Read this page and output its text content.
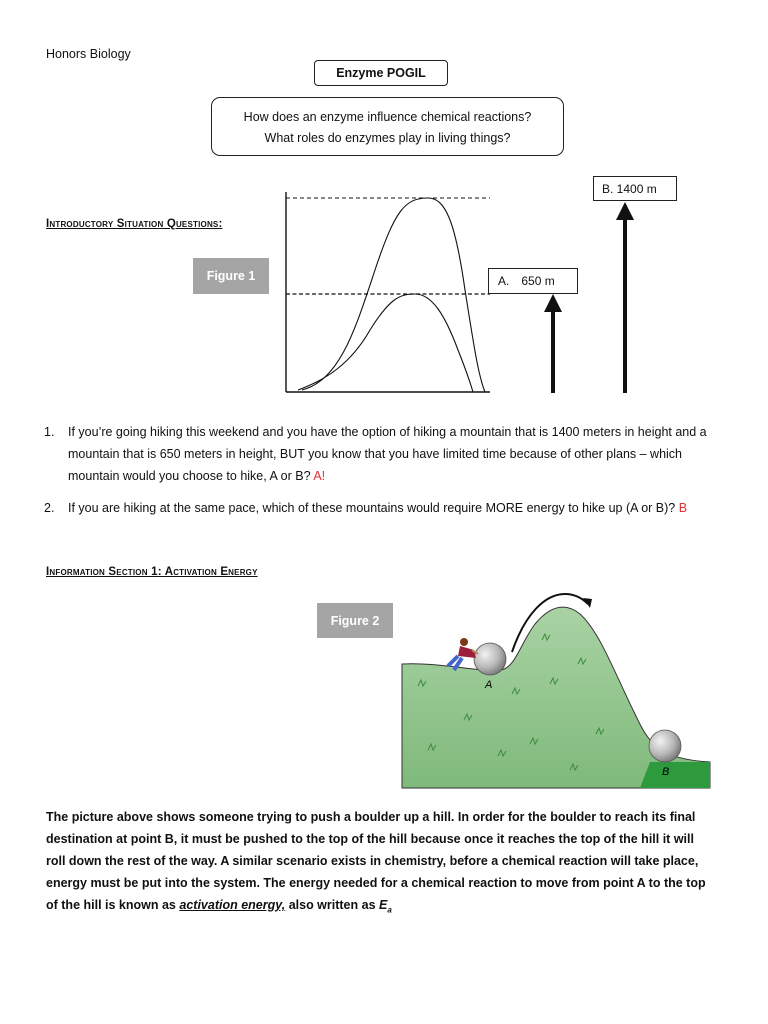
Honors Biology
Enzyme POGIL
How does an enzyme influence chemical reactions?
What roles do enzymes play in living things?
Introductory Situation Questions:
Figure 1	A. 650 m
B. 1400 m
1.	If you’re going hiking this weekend and you have the option of hiking a mountain that is 1400 meters in height and a mountain that is 650 meters in height, BUT you know that you have limited time because of other plans – which mountain would you choose to hike, A or B? A!
2.	If you are hiking at the same pace, which of these mountains would require MORE energy to hike up (A or B)? B
Information Section 1: Activation Energy
Figure 2
A
B
The picture above shows someone trying to push a boulder up a hill. In order for the boulder to reach its final destination at point B, it must be pushed to the top of the hill because once it reaches the top of the hill it will roll down the rest of the way. A similar scenario exists in chemistry, before a chemical reaction will take place, energy must be put into the system. The energy needed for a chemical reaction to move from point A to the top of the hill is known as activation energy, also written as $E_a$
